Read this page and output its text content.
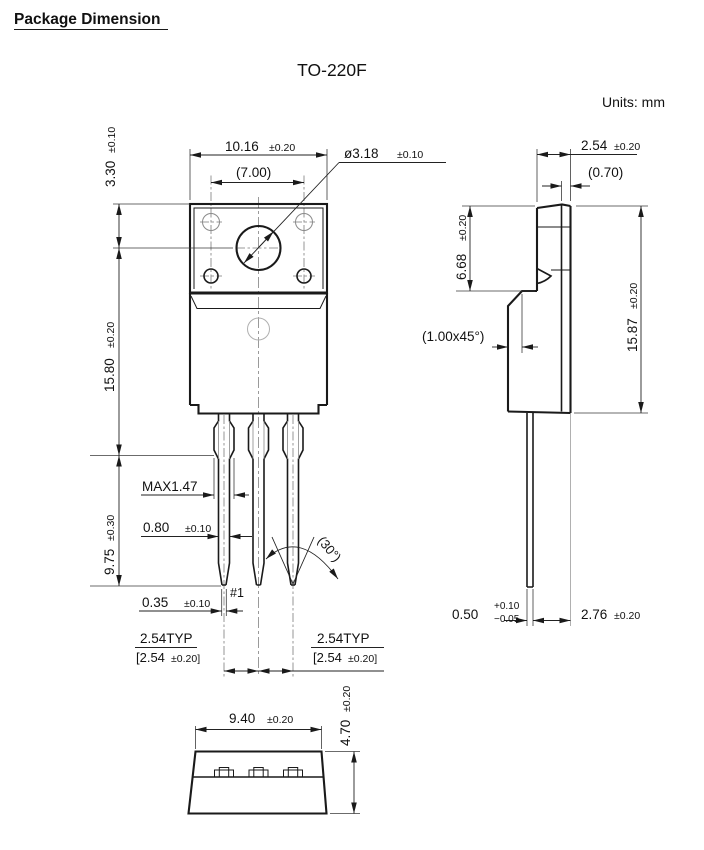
Package Dimension
TO-220F
Units: mm
10.16 ±0.20
(7.00)
ø3.18 ±0.10
3.30
±0.10
15.80
±0.20
9.75
±0.30
MAX1.47
0.80 ±0.10
0.35 ±0.10
#1
(30°)
2.54TYP
[2.54 ±0.20]
2.54TYP
[2.54 ±0.20]
2.54 ±0.20
(0.70)
6.68
±0.20
15.87
±0.20
(1.00x45°)
0.50
+0.10
−0.05	2.76 ±0.20
9.40 ±0.20	4.70
±0.20
